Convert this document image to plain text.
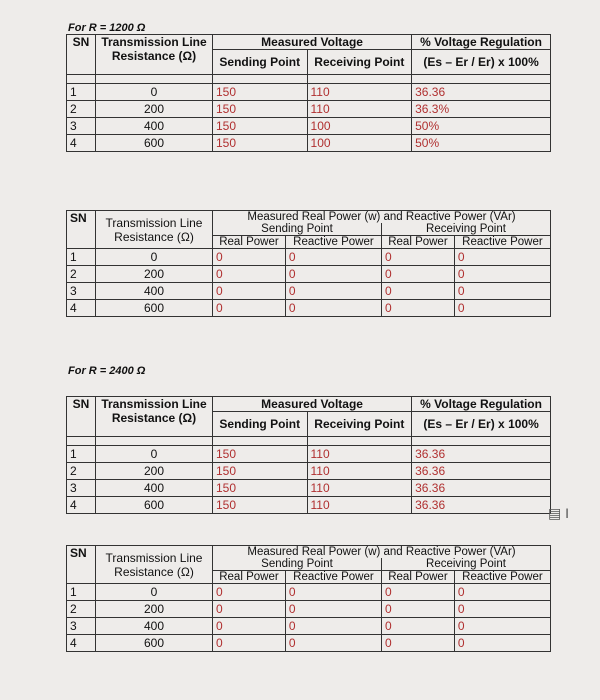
For R = 1200 Ω
SN	Transmission Line Resistance (Ω)	Measured Voltage		% Voltage Regulation
		Sending Point	Receiving Point	(Es – Er / Er) x 100%

1	0	150	110	36.36
2	200	150	110	36.3%
3	400	150	100	50%
4	600	150	100	50%
SN	Transmission Line Resistance (Ω)	Measured Real Power (w) and Reactive Power (VAr)			
		Sending Point		Receiving Point	
		Real Power	Reactive Power	Real Power	Reactive Power
1	0	0	0	0	0
2	200	0	0	0	0
3	400	0	0	0	0
4	600	0	0	0	0
For R = 2400 Ω
SN	Transmission Line Resistance (Ω)	Measured Voltage		% Voltage Regulation
		Sending Point	Receiving Point	(Es – Er / Er) x 100%

1	0	150	110	36.36
2	200	150	110	36.36
3	400	150	110	36.36
4	600	150	110	36.36	▤ I
SN	Transmission Line Resistance (Ω)	Measured Real Power (w) and Reactive Power (VAr)			
		Sending Point		Receiving Point	
		Real Power	Reactive Power	Real Power	Reactive Power
1	0	0	0	0	0
2	200	0	0	0	0
3	400	0	0	0	0
4	600	0	0	0	0
